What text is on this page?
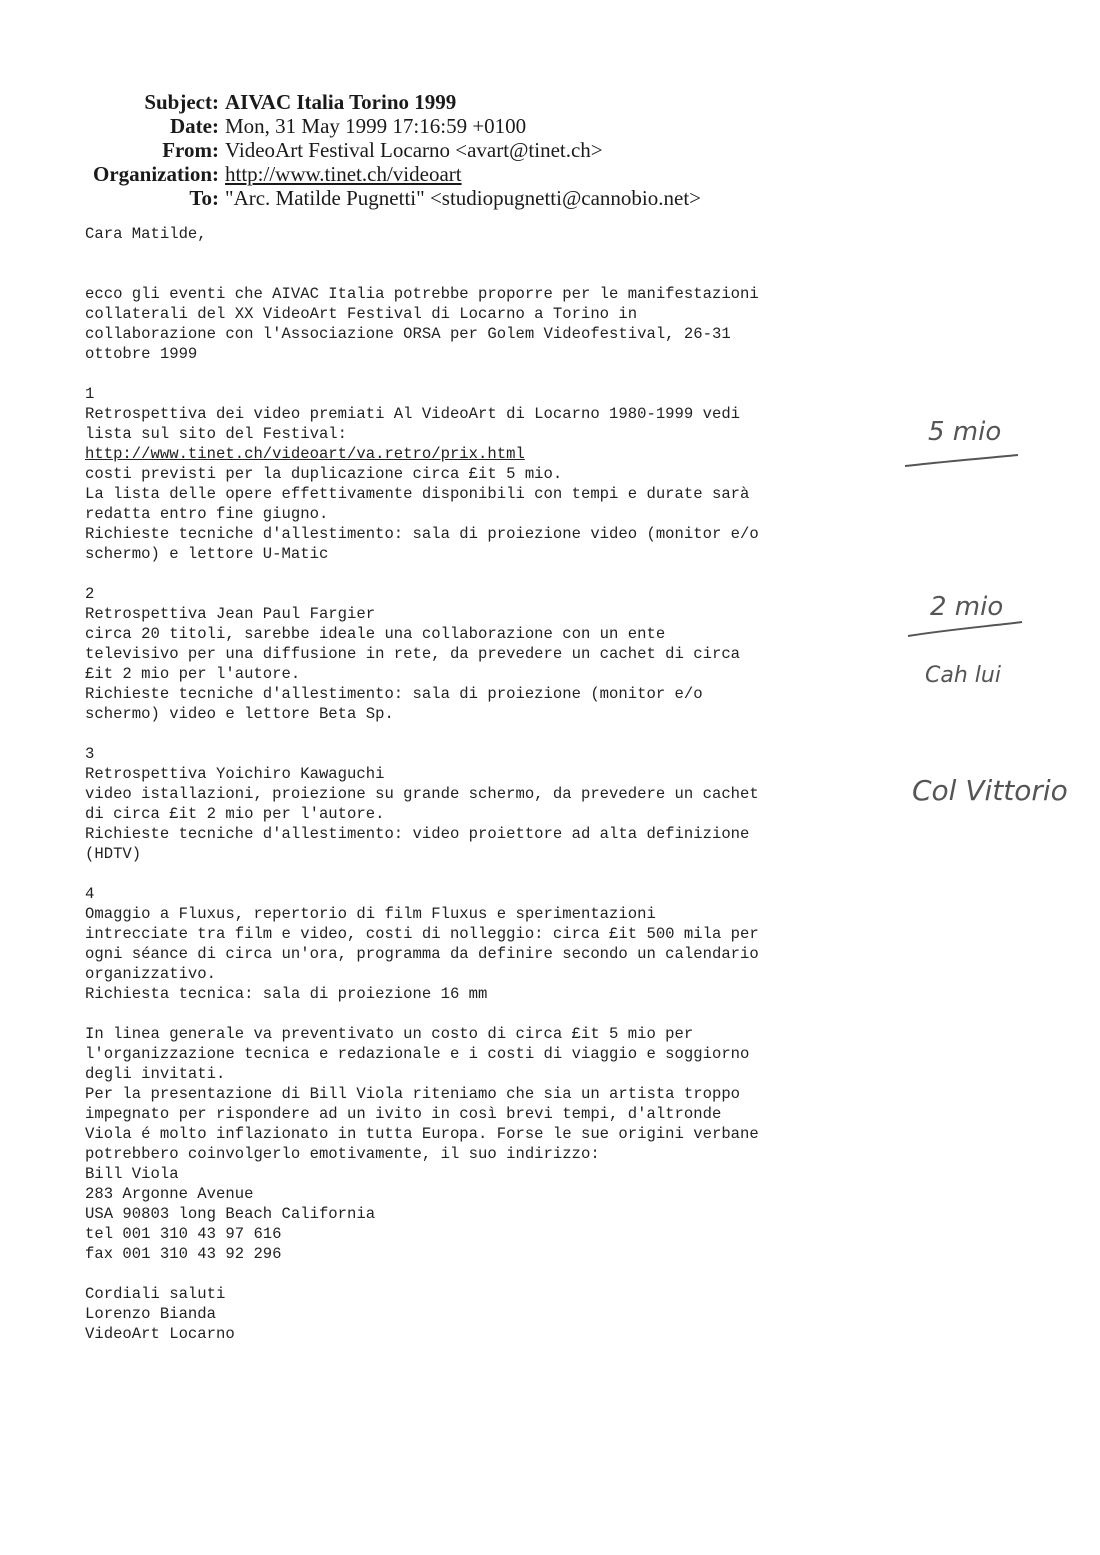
Subject: AIVAC Italia Torino 1999
Date: Mon, 31 May 1999 17:16:59 +0100
From: VideoArt Festival Locarno <avart@tinet.ch>
Organization: http://www.tinet.ch/videoart
To: "Arc. Matilde Pugnetti" <studiopugnetti@cannobio.net>
Cara Matilde,
ecco gli eventi che AIVAC Italia potrebbe proporre per le manifestazioni
collaterali del XX VideoArt Festival di Locarno a Torino in
collaborazione con l'Associazione ORSA per Golem Videofestival, 26-31
ottobre 1999
1
Retrospettiva dei video premiati Al VideoArt di Locarno 1980-1999 vedi
lista sul sito del Festival:
http://www.tinet.ch/videoart/va.retro/prix.html
costi previsti per la duplicazione circa £it 5 mio.
La lista delle opere effettivamente disponibili con tempi e durate sarà
redatta entro fine giugno.
Richieste tecniche d'allestimento: sala di proiezione video (monitor e/o
schermo) e lettore U-Matic
2
Retrospettiva Jean Paul Fargier
circa 20 titoli, sarebbe ideale una collaborazione con un ente
televisivo per una diffusione in rete, da prevedere un cachet di circa
£it 2 mio per l'autore.
Richieste tecniche d'allestimento: sala di proiezione (monitor e/o
schermo) video e lettore Beta Sp.
3
Retrospettiva Yoichiro Kawaguchi
video istallazioni, proiezione su grande schermo, da prevedere un cachet
di circa £it 2 mio per l'autore.
Richieste tecniche d'allestimento: video proiettore ad alta definizione
(HDTV)
4
Omaggio a Fluxus, repertorio di film Fluxus e sperimentazioni
intrecciate tra film e video, costi di nolleggio: circa £it 500 mila per
ogni séance di circa un'ora, programma da definire secondo un calendario
organizzativo.
Richiesta tecnica: sala di proiezione 16 mm
In linea generale va preventivato un costo di circa £it 5 mio per
l'organizzazione tecnica e redazionale e i costi di viaggio e soggiorno
degli invitati.
Per la presentazione di Bill Viola riteniamo che sia un artista troppo
impegnato per rispondere ad un ivito in così brevi tempi, d'altronde
Viola é molto inflazionato in tutta Europa. Forse le sue origini verbane
potrebbero coinvolgerlo emotivamente, il suo indirizzo:
Bill Viola
283 Argonne Avenue
USA 90803 long Beach California
tel 001 310 43 97 616
fax 001 310 43 92 296
Cordiali saluti
Lorenzo Bianda
VideoArt Locarno
5 mio
2 mio
Cah lui
Col Vittorio
